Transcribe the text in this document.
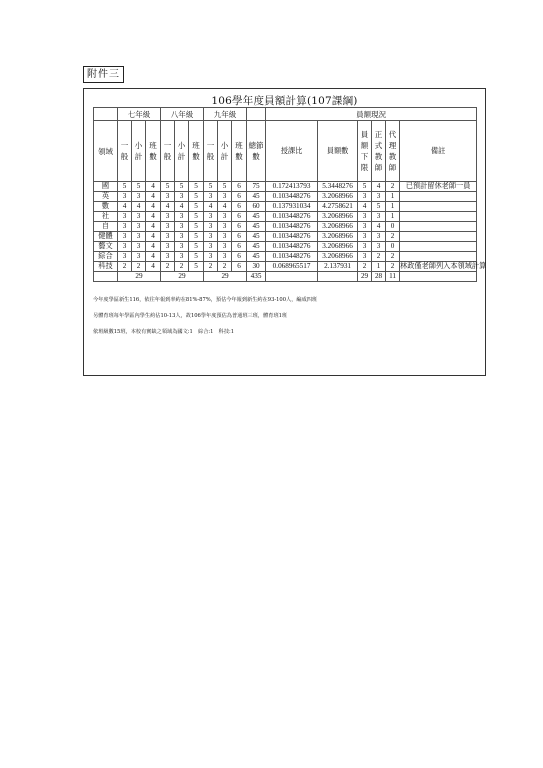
附件三
106學年度員額計算(107課綱)
	七年級			八年級			九年級				員額現況					
領域	一般	小計	班數	一般	小計	班數	一般	小計	班數	總節數	授課比	員額數	員額下限	正式教師	代理教師	備註
國	5	5	4	5	5	5	5	5	6	75	0.172413793	5.3448276	5	4	2	已預計留休老師一員
英	3	3	4	3	3	5	3	3	6	45	0.103448276	3.2068966	3	3	1	
數	4	4	4	4	4	5	4	4	6	60	0.137931034	4.2758621	4	5	1	
社	3	3	4	3	3	5	3	3	6	45	0.103448276	3.2068966	3	3	1	
自	3	3	4	3	3	5	3	3	6	45	0.103448276	3.2068966	3	4	0	
健體	3	3	4	3	3	5	3	3	6	45	0.103448276	3.2068966	3	3	2	
藝文	3	3	4	3	3	5	3	3	6	45	0.103448276	3.2068966	3	3	0	
綜合	3	3	4	3	3	5	3	3	6	45	0.103448276	3.2068966	3	2	2	
科技	2	2	4	2	2	5	2	2	6	30	0.068965517	2.137931	2	1	2	林政僅老師列入本領域計算
	29			29			29			435			29	28	11	
今年度學區新生116，依往年報到率約在81%-87%，預估今年報到新生約在93-100人，編成四班
另體育班每年學區內學生約佔10-13人，故106學年度預估為普通班三班，體育班1班
依班級數15班，本校有實缺之領域為國文:1　綜合:1　科技:1
